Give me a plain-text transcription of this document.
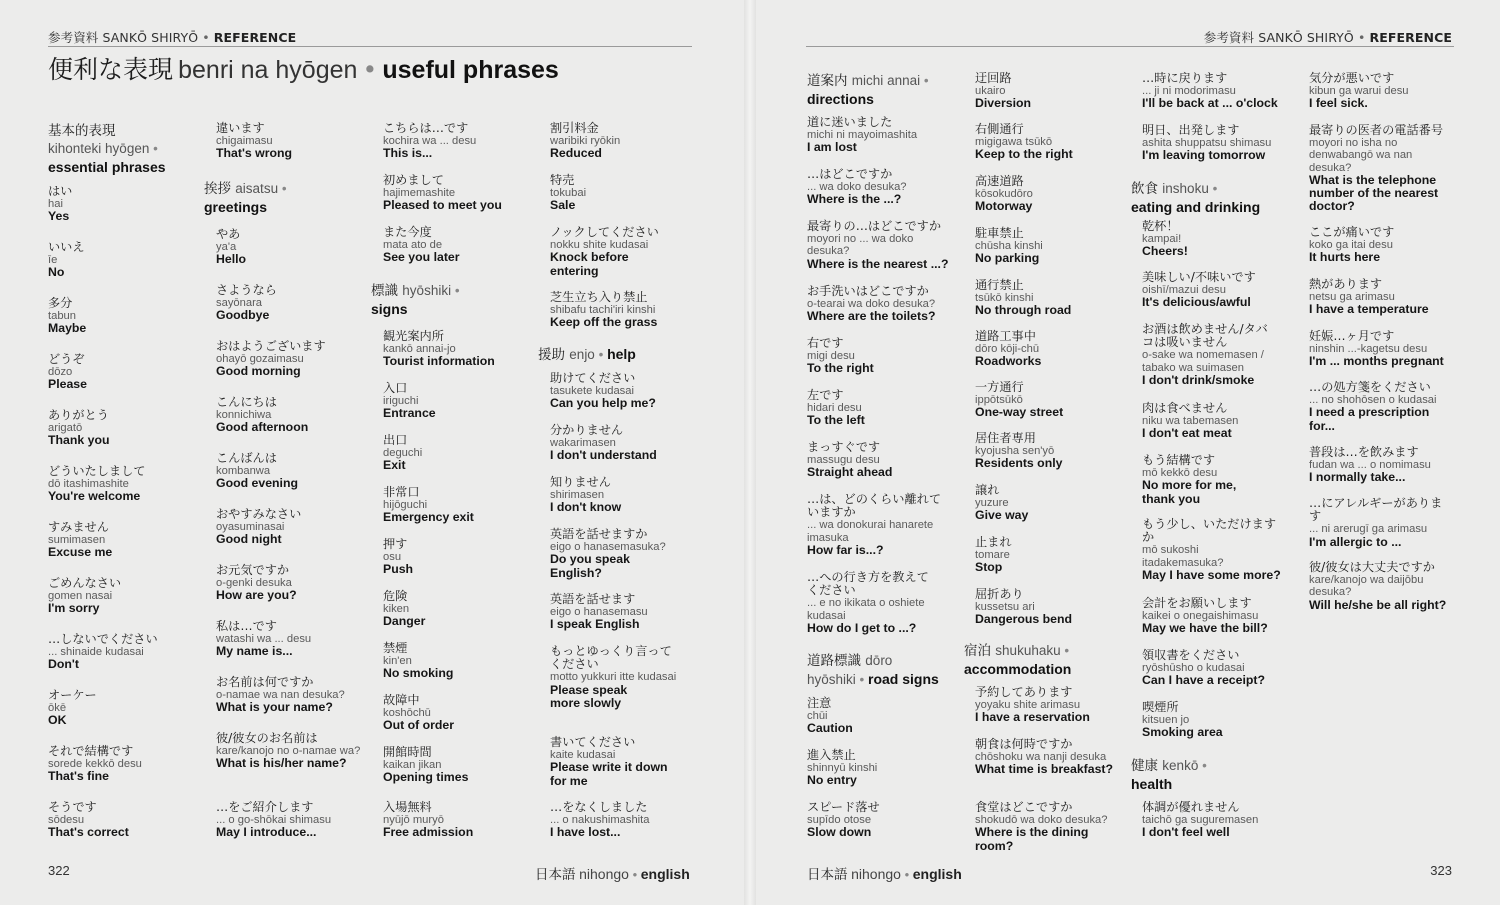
参考資料 SANKŌ SHIRYŌ • REFERENCE
便利な表現 benri na hyōgen • useful phrases
基本的表現
kihonteki hyōgen •
essential phrases
はい
hai
Yes
いいえ
īe
No
多分
tabun
Maybe
どうぞ
dōzo
Please
ありがとう
arigatō
Thank you
どういたしまして
dō itashimashite
You're welcome
すみません
sumimasen
Excuse me
ごめんなさい
gomen nasai
I'm sorry
…しないでください
... shinaide kudasai
Don't
オーケー
ōkē
OK
それで結構です
sorede kekkō desu
That's fine
そうです
sōdesu
That's correct
違います
chigaimasu
That's wrong
挨拶 aisatsu •
greetings
やあ
ya'a
Hello
さようなら
sayōnara
Goodbye
おはようございます
ohayō gozaimasu
Good morning
こんにちは
konnichiwa
Good afternoon
こんばんは
kombanwa
Good evening
おやすみなさい
oyasuminasai
Good night
お元気ですか
o-genki desuka
How are you?
私は…です
watashi wa ... desu
My name is...
お名前は何ですか
o-namae wa nan desuka?
What is your name?
彼/彼女のお名前は
kare/kanojo no o-namae wa?
What is his/her name?
…をご紹介します
... o go-shōkai shimasu
May I introduce...
こちらは…です
kochira wa ... desu
This is...
初めまして
hajimemashite
Pleased to meet you
また今度
mata ato de
See you later
標識 hyōshiki •
signs
観光案内所
kankō annai-jo
Tourist information
入口
iriguchi
Entrance
出口
deguchi
Exit
非常口
hijōguchi
Emergency exit
押す
osu
Push
危険
kiken
Danger
禁煙
kin'en
No smoking
故障中
koshōchū
Out of order
開館時間
kaikan jikan
Opening times
入場無料
nyūjō muryō
Free admission
割引料金
waribiki ryōkin
Reduced
特売
tokubai
Sale
ノックしてください
nokku shite kudasai
Knock before
entering
芝生立ち入り禁止
shibafu tachi'iri kinshi
Keep off the grass
援助 enjo • help
助けてください
tasukete kudasai
Can you help me?
分かりません
wakarimasen
I don't understand
知りません
shirimasen
I don't know
英語を話せますか
eigo o hanasemasuka?
Do you speak
English?
英語を話せます
eigo o hanasemasu
I speak English
もっとゆっくり言って
ください
motto yukkuri itte kudasai
Please speak
more slowly
書いてください
kaite kudasai
Please write it down
for me
…をなくしました
... o nakushimashita
I have lost...
322	日本語 nihongo • english
参考資料 SANKŌ SHIRYŌ • REFERENCE
道案内 michi annai •
directions
道に迷いました
michi ni mayoimashita
I am lost
…はどこですか
... wa doko desuka?
Where is the ...?
最寄りの…はどこですか
moyori no ... wa doko
desuka?
Where is the nearest ...?
お手洗いはどこですか
o-tearai wa doko desuka?
Where are the toilets?
右です
migi desu
To the right
左です
hidari desu
To the left
まっすぐです
massugu desu
Straight ahead
…は、どのくらい離れて
いますか
... wa donokurai hanarete
imasuka
How far is...?
…への行き方を教えて
ください
... e no ikikata o oshiete
kudasai
How do I get to ...?
道路標識 dōro
hyōshiki • road signs
注意
chūi
Caution
進入禁止
shinnyū kinshi
No entry
スピード落せ
supīdo otose
Slow down
迂回路
ukairo
Diversion
右側通行
migigawa tsūkō
Keep to the right
高速道路
kōsokudōro
Motorway
駐車禁止
chūsha kinshi
No parking
通行禁止
tsūkō kinshi
No through road
道路工事中
dōro kōji-chū
Roadworks
一方通行
ippōtsūkō
One-way street
居住者専用
kyojusha sen'yō
Residents only
譲れ
yuzure
Give way
止まれ
tomare
Stop
屈折あり
kussetsu ari
Dangerous bend
宿泊 shukuhaku •
accommodation
予約してあります
yoyaku shite arimasu
I have a reservation
朝食は何時ですか
chōshoku wa nanji desuka
What time is breakfast?
食堂はどこですか
shokudō wa doko desuka?
Where is the dining room?
…時に戻ります
... ji ni modorimasu
I'll be back at ... o'clock
明日、出発します
ashita shuppatsu shimasu
I'm leaving tomorrow
飲食 inshoku •
eating and drinking
乾杯！
kampai!
Cheers!
美味しい/不味いです
oishī/mazui desu
It's delicious/awful
お酒は飲めません/タバ
コは吸いません
o-sake wa nomemasen /
tabako wa suimasen
I don't drink/smoke
肉は食べません
niku wa tabemasen
I don't eat meat
もう結構です
mō kekkō desu
No more for me,
thank you
もう少し、いただけます
か
mō sukoshi
itadakemasuka?
May I have some more?
会計をお願いします
kaikei o onegaishimasu
May we have the bill?
領収書をください
ryōshūsho o kudasai
Can I have a receipt?
喫煙所
kitsuen jo
Smoking area
健康 kenkō •
health
体調が優れません
taichō ga suguremasen
I don't feel well
気分が悪いです
kibun ga warui desu
I feel sick.
最寄りの医者の電話番号
moyori no isha no
denwabangō wa nan
desuka?
What is the telephone
number of the nearest
doctor?
ここが痛いです
koko ga itai desu
It hurts here
熱があります
netsu ga arimasu
I have a temperature
妊娠…ヶ月です
ninshin ...-kagetsu desu
I'm ... months pregnant
…の処方箋をください
... no shohōsen o kudasai
I need a prescription
for...
普段は…を飲みます
fudan wa ... o nomimasu
I normally take...
…にアレルギーがありま
す
... ni arerugī ga arimasu
I'm allergic to ...
彼/彼女は大丈夫ですか
kare/kanojo wa daijōbu
desuka?
Will he/she be all right?
日本語 nihongo • english	323
